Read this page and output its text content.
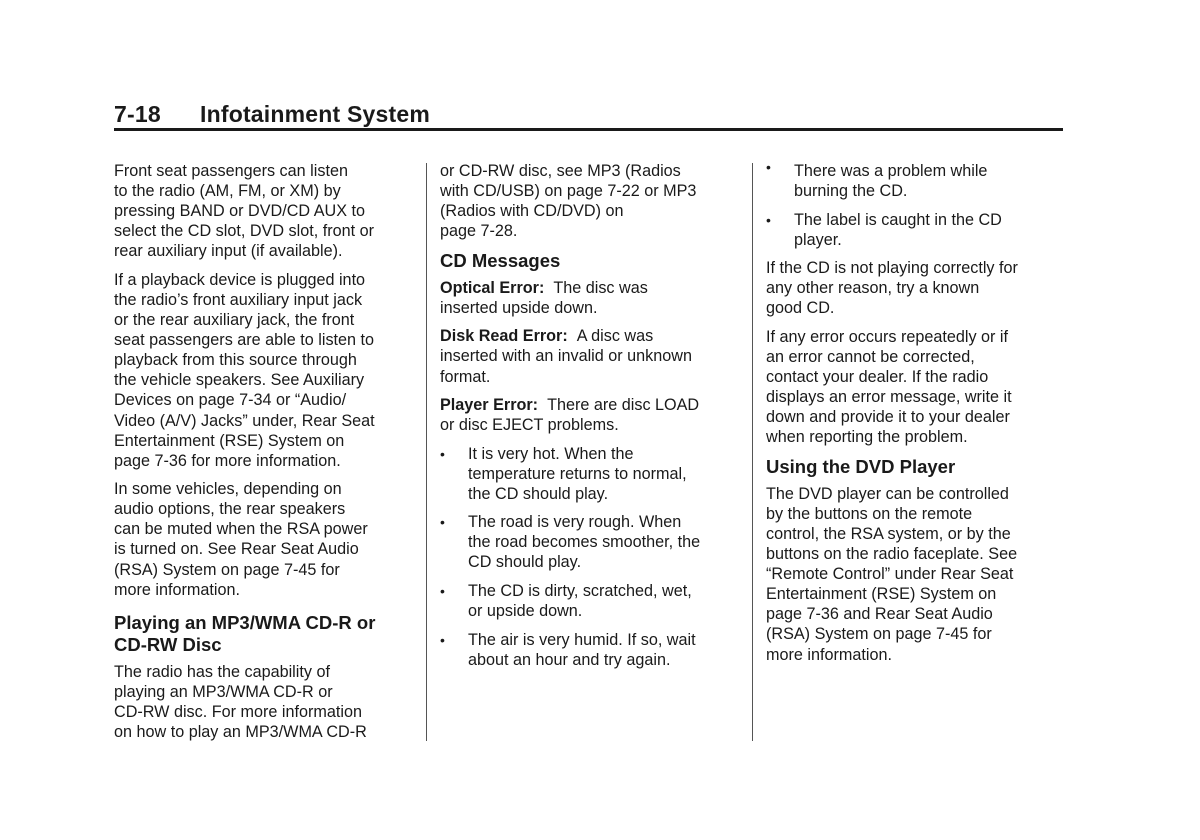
7-18 Infotainment System

Front seat passengers can listen
to the radio (AM, FM, or XM) by
pressing BAND or DVD/CD AUX to
select the CD slot, DVD slot, front or
rear auxiliary input (if available).

If a playback device is plugged into
the radio’s front auxiliary input jack
or the rear auxiliary jack, the front
seat passengers are able to listen to
playback from this source through
the vehicle speakers. See Auxiliary
Devices on page 7-34 or “Audio/
Video (A/V) Jacks” under, Rear Seat
Entertainment (RSE) System on
page 7-36 for more information.

In some vehicles, depending on
audio options, the rear speakers
can be muted when the RSA power
is turned on. See Rear Seat Audio
(RSA) System on page 7-45 for
more information.

Playing an MP3/WMA CD-R or
CD-RW Disc

The radio has the capability of
playing an MP3/WMA CD-R or
CD-RW disc. For more information
on how to play an MP3/WMA CD-R

or CD-RW disc, see MP3 (Radios
with CD/USB) on page 7-22 or MP3
(Radios with CD/DVD) on
page 7-28.

CD Messages

Optical Error: The disc was
inserted upside down.

Disk Read Error: A disc was
inserted with an invalid or unknown
format.

Player Error: There are disc LOAD
or disc EJECT problems.

• It is very hot. When the
temperature returns to normal,
the CD should play.
• The road is very rough. When
the road becomes smoother, the
CD should play.
• The CD is dirty, scratched, wet,
or upside down.
• The air is very humid. If so, wait
about an hour and try again.
• There was a problem while
burning the CD.
• The label is caught in the CD
player.

If the CD is not playing correctly for
any other reason, try a known
good CD.

If any error occurs repeatedly or if
an error cannot be corrected,
contact your dealer. If the radio
displays an error message, write it
down and provide it to your dealer
when reporting the problem.

Using the DVD Player

The DVD player can be controlled
by the buttons on the remote
control, the RSA system, or by the
buttons on the radio faceplate. See
“Remote Control” under Rear Seat
Entertainment (RSE) System on
page 7-36 and Rear Seat Audio
(RSA) System on page 7-45 for
more information.
